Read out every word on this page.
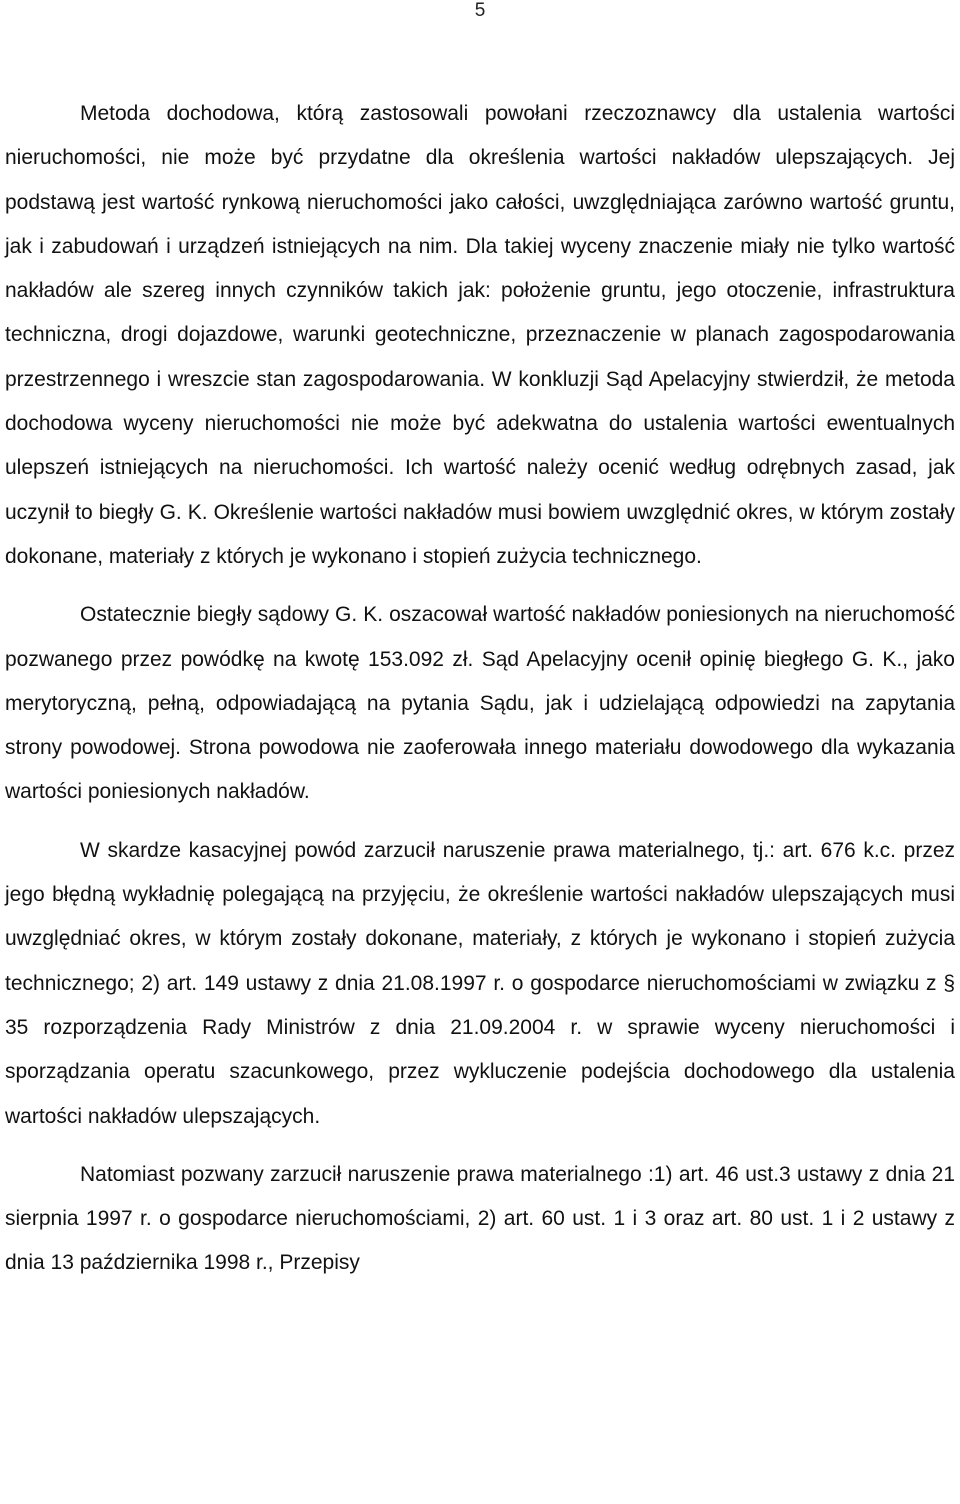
5

Metoda dochodowa, którą zastosowali powołani rzeczoznawcy dla ustalenia wartości nieruchomości, nie może być przydatne dla określenia wartości nakładów ulepszających. Jej podstawą jest wartość rynkową nieruchomości jako całości, uwzględniająca zarówno wartość gruntu, jak i zabudowań i urządzeń istniejących na nim. Dla takiej wyceny znaczenie miały nie tylko wartość nakładów ale szereg innych czynników takich jak: położenie gruntu, jego otoczenie, infrastruktura techniczna, drogi dojazdowe, warunki geotechniczne, przeznaczenie w planach zagospodarowania przestrzennego i wreszcie stan zagospodarowania. W konkluzji Sąd Apelacyjny stwierdził, że metoda dochodowa wyceny nieruchomości nie może być adekwatna do ustalenia wartości ewentualnych ulepszeń istniejących na nieruchomości. Ich wartość należy ocenić według odrębnych zasad, jak uczynił to biegły G. K. Określenie wartości nakładów musi bowiem uwzględnić okres, w którym zostały dokonane, materiały z których je wykonano i stopień zużycia technicznego.

Ostatecznie biegły sądowy G. K. oszacował wartość nakładów poniesionych na nieruchomość pozwanego przez powódkę na kwotę 153.092 zł. Sąd Apelacyjny ocenił opinię biegłego G. K., jako merytoryczną, pełną, odpowiadającą na pytania Sądu, jak i udzielającą odpowiedzi na zapytania strony powodowej. Strona powodowa nie zaoferowała innego materiału dowodowego dla wykazania wartości poniesionych nakładów.

W skardze kasacyjnej powód zarzucił naruszenie prawa materialnego, tj.: art. 676 k.c. przez jego błędną wykładnię polegającą na przyjęciu, że określenie wartości nakładów ulepszających musi uwzględniać okres, w którym zostały dokonane, materiały, z których je wykonano i stopień zużycia technicznego; 2) art. 149 ustawy z dnia 21.08.1997 r. o gospodarce nieruchomościami w związku z § 35 rozporządzenia Rady Ministrów z dnia 21.09.2004 r. w sprawie wyceny nieruchomości i sporządzania operatu szacunkowego, przez wykluczenie podejścia dochodowego dla ustalenia wartości nakładów ulepszających.

Natomiast pozwany zarzucił naruszenie prawa materialnego :1) art. 46 ust.3 ustawy z dnia 21 sierpnia 1997 r. o gospodarce nieruchomościami, 2) art. 60 ust. 1 i 3 oraz art. 80 ust. 1 i 2 ustawy z dnia 13 października 1998 r., Przepisy
